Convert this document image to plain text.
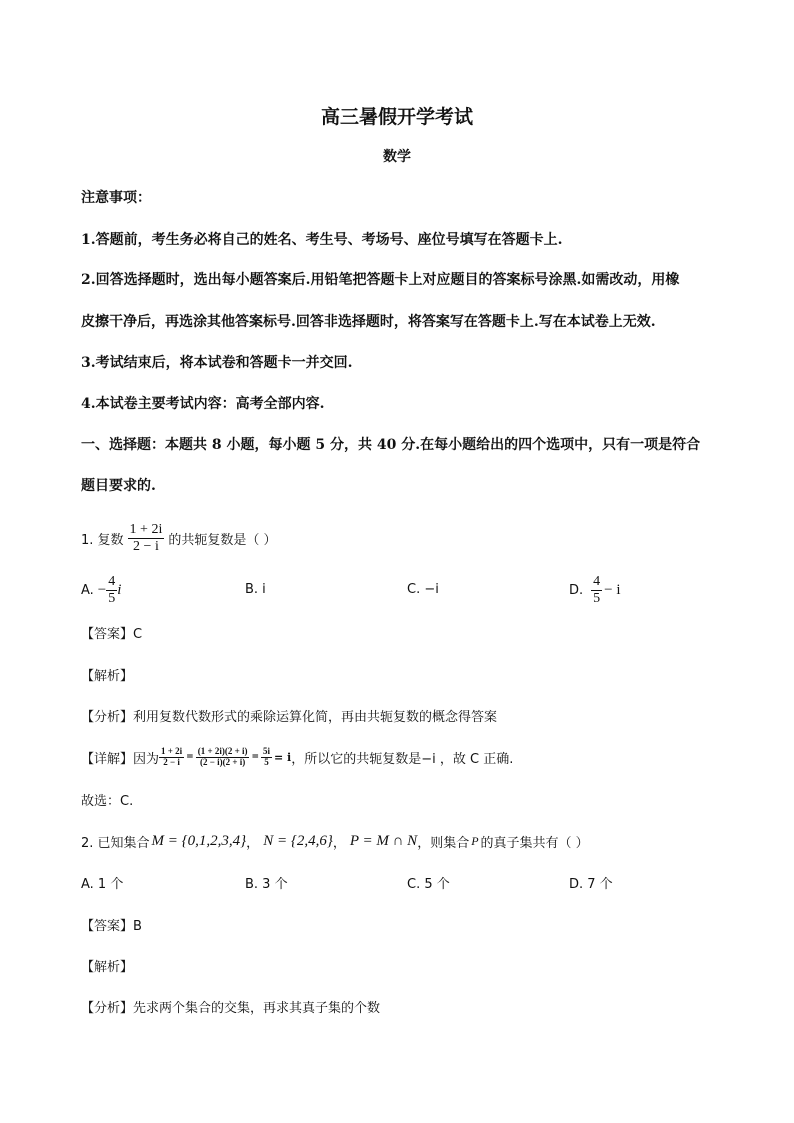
高三暑假开学考试
数学
注意事项：
1.答题前，考生务必将自己的姓名、考生号、考场号、座位号填写在答题卡上.
2.回答选择题时，选出每小题答案后.用铅笔把答题卡上对应题目的答案标号涂黑.如需改动，用橡
皮擦干净后，再选涂其他答案标号.回答非选择题时，将答案写在答题卡上.写在本试卷上无效.
3.考试结束后，将本试卷和答题卡一并交回.
4.本试卷主要考试内容：高考全部内容.
一、选择题：本题共 8 小题，每小题 5 分，共 40 分.在每小题给出的四个选项中，只有一项是符合
题目要求的.
1. 复数 $\frac{1 + 2i}{2 - i}$ 的共轭复数是（ ）
A. − $\frac{4}{5}$ i	B. i	C. −i	D. $\frac{4}{5} - i$
【答案】C
【解析】
【分析】利用复数代数形式的乘除运算化简，再由共轭复数的概念得答案
【详解】因为 $\frac{1 + 2i}{2 - i} = \frac{(1 + 2i)(2 + i)}{(2 - i)(2 + i)} = \frac{5i}{5} = i$ ，所以它的共轭复数是−i ，故 C 正确.
故选：C.
2. 已知集合 M = {0,1,2,3,4} ， N = {2,4,6} ， P = M ∩ N ，则集合 P 的真子集共有（ ）
A. 1 个	B. 3 个	C. 5 个	D. 7 个
【答案】B
【解析】
【分析】先求两个集合的交集，再求其真子集的个数
